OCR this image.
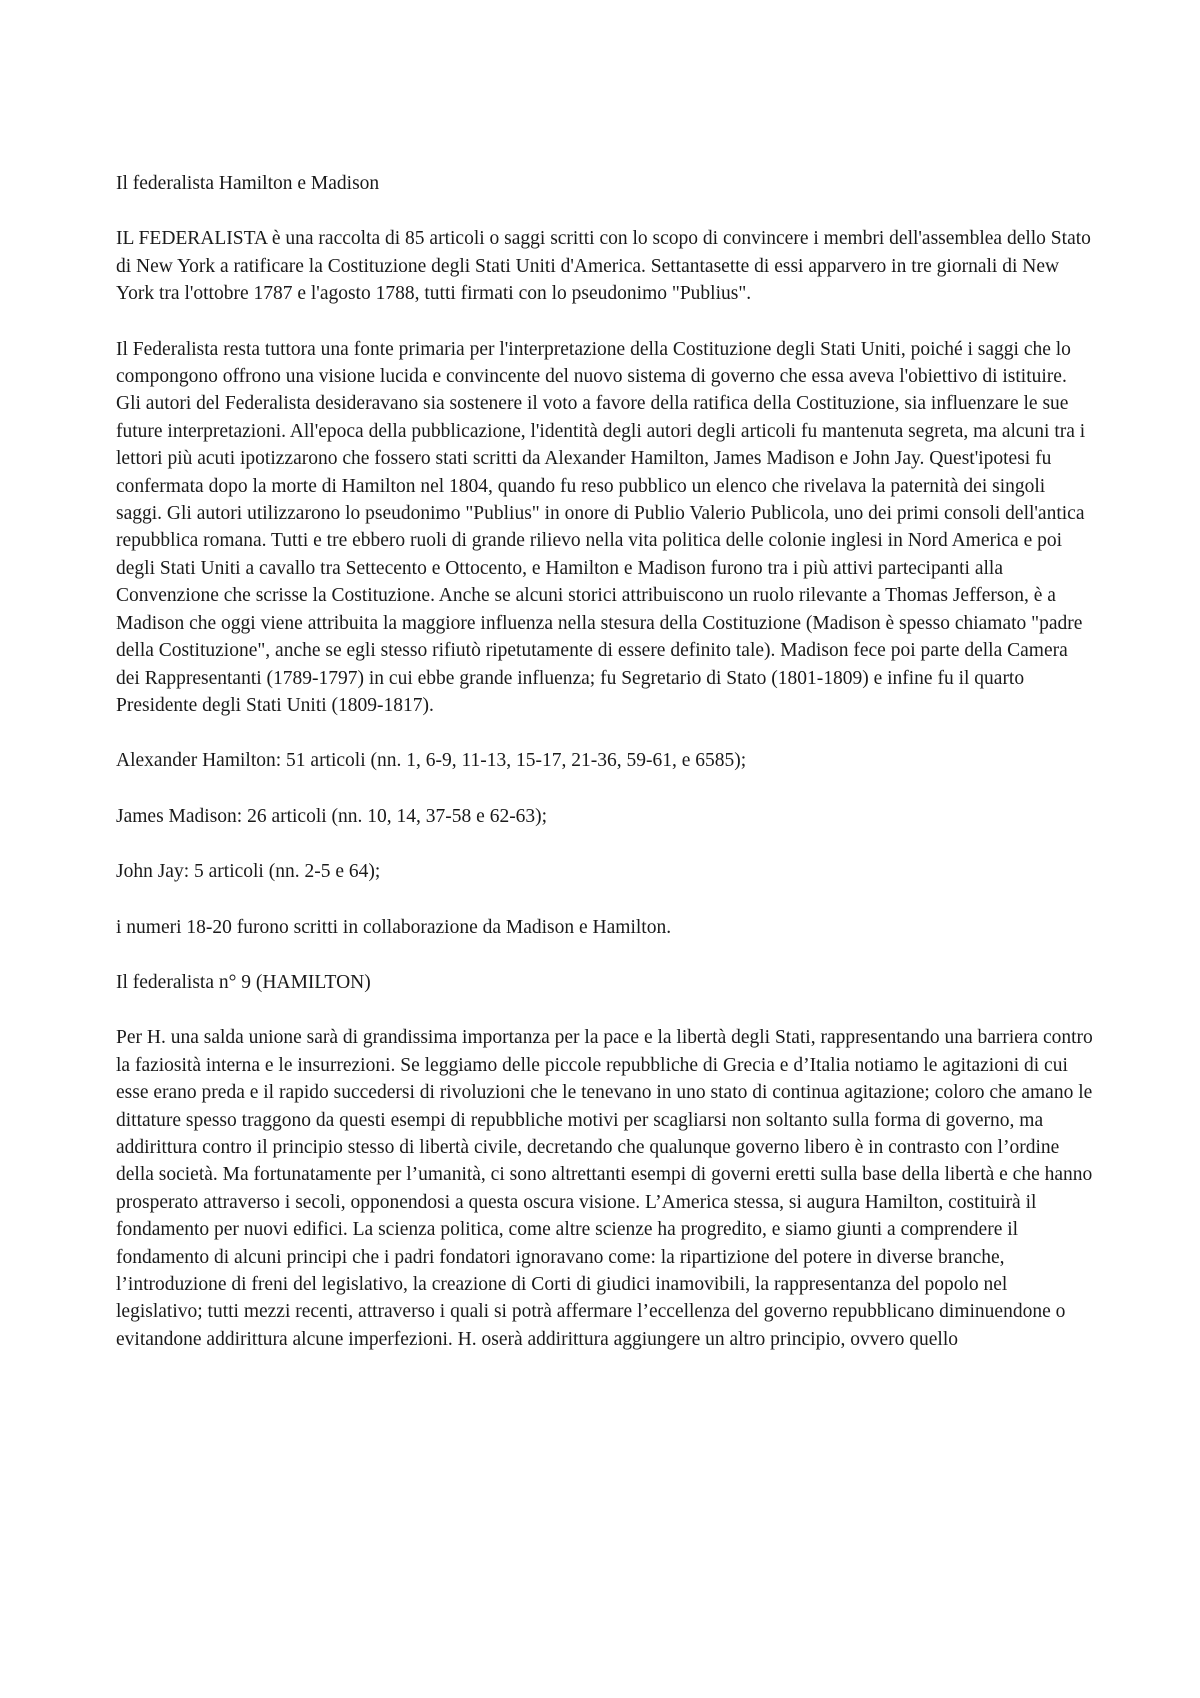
Il federalista Hamilton e Madison

IL FEDERALISTA è una raccolta di 85 articoli o saggi scritti con lo scopo di convincere i membri dell'assemblea dello Stato di New York a ratificare la Costituzione degli Stati Uniti d'America. Settantasette di essi apparvero in tre giornali di New York tra l'ottobre 1787 e l'agosto 1788, tutti firmati con lo pseudonimo "Publius".

Il Federalista resta tuttora una fonte primaria per l'interpretazione della Costituzione degli Stati Uniti, poiché i saggi che lo compongono offrono una visione lucida e convincente del nuovo sistema di governo che essa aveva l'obiettivo di istituire. Gli autori del Federalista desideravano sia sostenere il voto a favore della ratifica della Costituzione, sia influenzare le sue future interpretazioni. All'epoca della pubblicazione, l'identità degli autori degli articoli fu mantenuta segreta, ma alcuni tra i lettori più acuti ipotizzarono che fossero stati scritti da Alexander Hamilton, James Madison e John Jay. Quest'ipotesi fu confermata dopo la morte di Hamilton nel 1804, quando fu reso pubblico un elenco che rivelava la paternità dei singoli saggi. Gli autori utilizzarono lo pseudonimo "Publius" in onore di Publio Valerio Publicola, uno dei primi consoli dell'antica repubblica romana. Tutti e tre ebbero ruoli di grande rilievo nella vita politica delle colonie inglesi in Nord America e poi degli Stati Uniti a cavallo tra Settecento e Ottocento, e Hamilton e Madison furono tra i più attivi partecipanti alla Convenzione che scrisse la Costituzione. Anche se alcuni storici attribuiscono un ruolo rilevante a Thomas Jefferson, è a Madison che oggi viene attribuita la maggiore influenza nella stesura della Costituzione (Madison è spesso chiamato "padre della Costituzione", anche se egli stesso rifiutò ripetutamente di essere definito tale). Madison fece poi parte della Camera dei Rappresentanti (1789-1797) in cui ebbe grande influenza; fu Segretario di Stato (1801-1809) e infine fu il quarto Presidente degli Stati Uniti (1809-1817).

Alexander Hamilton: 51 articoli (nn. 1, 6-9, 11-13, 15-17, 21-36, 59-61, e 6585);

James Madison: 26 articoli (nn. 10, 14, 37-58 e 62-63);

John Jay: 5 articoli (nn. 2-5 e 64);

i numeri 18-20 furono scritti in collaborazione da Madison e Hamilton.

Il federalista n° 9 (HAMILTON)

Per H. una salda unione sarà di grandissima importanza per la pace e la libertà degli Stati, rappresentando una barriera contro la faziosità interna e le insurrezioni. Se leggiamo delle piccole repubbliche di Grecia e d’Italia notiamo le agitazioni di cui esse erano preda e il rapido succedersi di rivoluzioni che le tenevano in uno stato di continua agitazione; coloro che amano le dittature spesso traggono da questi esempi di repubbliche motivi per scagliarsi non soltanto sulla forma di governo, ma addirittura contro il principio stesso di libertà civile, decretando che qualunque governo libero è in contrasto con l’ordine della società. Ma fortunatamente per l’umanità, ci sono altrettanti esempi di governi eretti sulla base della libertà e che hanno prosperato attraverso i secoli, opponendosi a questa oscura visione. L’America stessa, si augura Hamilton, costituirà il fondamento per nuovi edifici. La scienza politica, come altre scienze ha progredito, e siamo giunti a comprendere il fondamento di alcuni principi che i padri fondatori ignoravano come: la ripartizione del potere in diverse branche, l’introduzione di freni del legislativo, la creazione di Corti di giudici inamovibili, la rappresentanza del popolo nel legislativo; tutti mezzi recenti, attraverso i quali si potrà affermare l’eccellenza del governo repubblicano diminuendone o evitandone addirittura alcune imperfezioni. H. oserà addirittura aggiungere un altro principio, ovvero quello
